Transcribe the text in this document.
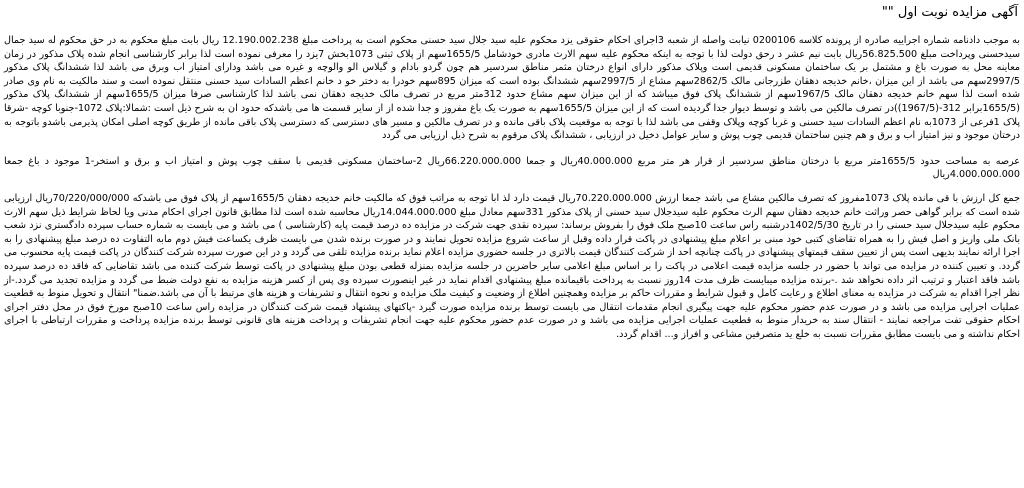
آگهی مزایده نوبت اول ""

به موجب دادنامه شماره اجراییه صادره از پرونده کلاسه 0200106 نیابت واصله از شعبه 3اجرای احکام حقوقی یزد محکوم علیه سید جلال سید حسنی محکوم است به پرداخت مبلغ 12.190.002.238 ریال بابت مبلغ محکوم به در حق محکوم له سید جمال سیدحسنی وپرداخت مبلغ 56.825.500ریال بابت نیم عشر د رحق دولت لذا با توجه به اینکه محکوم علیه سهم الارث مادری خودشامل 1655/5سهم از پلاک ثبتی 1073بخش 7یزد را معرفی نموده است لذا برابر کارشناسی انجام شده پلاک مذکور در زمان معاینه محل به صورت باغ و مشتمل بر یک ساختمان مسکونی قدیمی است وپلاک مذکور دارای انواع درختان مثمر مناطق سردسیر هم چون گردو بادام و گیلاس الو والوچه و غیره می باشد ودارای امتیاز اب وبرق می باشد لذا ششدانگ پلاک مذکور 2997/5سهم می باشد از این میزان ،خانم خدیجه دهقان طزرجانی مالک 2862/5سهم مشاع از 2997/5سهم ششدانگ بوده است که میزان 895سهم خودرا به دختر خو د خانم اعظم السادات سید حسنی منتقل نموده است و سند مالکیت به نام وی صادر شده است لذا سهم خانم خدیجه دهقان مالک 1967/5سهم از ششدانگ پلاک فوق میباشد که از این میزان سهم مشاع حدود 312متر مربع در تصرف مالک خدیجه دهقان نمی باشد لذا کارشناسی صرفا میزان 1655/5سهم از ششدانگ پلاک مذکور (1655/5برابر 312-(1967/5))در تصرف مالکین می باشد و توسط دیوار جدا گردیده است که از این میزان 1655/5سهم به صورت یک باغ مفروز و جدا شده از از سایر قسمت ها می باشدکه حدود ان به شرح ذیل است :شمالا:پلاک 1072-جنوبا کوچه -شرقا پلاک 1فرعی از 1073به نام اعظم السادات سید حسنی و غربا کوچه وپلاک وقفی می باشد لذا با توجه به موقعیت پلاک باقی مانده و در تصرف مالکین و مسیر های دسترسی که دسترسی پلاک باقی مانده از طریق کوچه اصلی امکان پذیرمی باشدو باتوجه به درختان موجود و نیز امتیاز اب و برق و هم چنین ساختمان قدیمی چوب پوش و سایر عوامل دخیل در ارزیابی ، ششدانگ پلاک مرقوم به شرح ذیل ارزیابی می گردد

عرصه به مساحت حدود 1655/5متر مربع با درختان مناطق سردسیر از قرار هر متر مربع 40.000.000ریال و جمعا 66.220.000.000ریال 2-ساختمان مسکونی قدیمی با سقف چوب پوش و امتیاز اب و برق و استخر-1 موجود د باغ جمعا 4.000.000.000ریال

جمع کل ارزش با قی مانده پلاک 1073مفروز که تصرف مالکین مشاع می باشد جمعا ارزش 70.220.000.000ریال قیمت دارد لذ ابا توجه به مراتب فوق که مالکیت خانم خدیجه دهقان 1655/5سهم از پلاک فوق می باشدکه 70/220/000/000ریال ارزیابی شده است که برابر گواهی حصر وراثت خانم خدیجه دهقان سهم الرث محکوم علیه سیدجلال سید حسنی از پلاک مذکور 331سهم معادل مبلغ 14.044.000.000ریال محاسبه شده است لذا مطابق قانون اجرای احکام مدنی ویا لحاظ شرایط ذیل سهم الارث محکوم علیه سیدجلال سید حسنی را در تاریخ 1402/5/30درشنبه راس ساعت 10صبح ملک فوق را بفروش برساند: سپرده نقدی جهت شرکت در مزایده ده درصد قیمت پایه (کارشناسی ) می باشد و می بایست به شماره حساب سپرده دادگستری نزد شعب بانک ملی واریز و اصل فیش را به همراه تقاضای کتبی خود مبنی بر اعلام مبلغ پیشنهادی در پاکت قرار داده وقبل از ساعت شروع مزایده تحویل نمایند و در صورت برنده شدن می بایست ظرف یکساعت فیش دوم مابه التفاوت ده درصد مبلغ پیشنهادی را به اجرا ارائه نمایند بدیهی است پس از تعیین سقف قیمتهای پیشنهادی در پاکت چنانچه احد از شرکت کنندگان قیمت بالاتری در جلسه حضوری مزایده اعلام نماید برنده مزایده تلقی می گردد و در این صورت سپرده شرکت کنندگان در پاکت قیمت پایه محسوب می گردد. و تعیین کننده در مزایده می تواند با حضور در جلسه مزایده قیمت اعلامی در پاکت را بر اساس مبلغ اعلامی سایر حاضرین در جلسه مزایده بمنزله قطعی بودن مبلغ پیشنهادی در پاکت توسط شرکت کننده می باشد تقاضایی که فاقد ده درصد سپرده باشد فاقد اعتبار و ترتیب اثر داده نخواهد شد .-برنده مزایده میبایست ظرف مدت 14روز نسبت به پرداخت باقیمانده مبلغ پیشنهادی اقدام نماید در غیر اینصورت سپرده وی پس از کسر هزینه مزایده به نفع دولت ضبط می گردد و مزایده تجدید می گردد.-از نظر اجرا اقدام به شرکت در مزایده به معنای اطلاع و رعایت کامل و قبول شرایط و مقررات حاکم بر مزایده وهمچنین اطلاع از وضعیت و کیفیت ملک مزایده و نحوه انتقال و تشریفات و هزینه های مرتبط با آن می باشد.ضمنا" انتقال و تحویل منوط به قطعیت عملیات اجرایی مزایده می باشد و در صورت عدم حضور محکوم علیه جهت پیگیری انجام مقدمات انتقال می بایست توسط برنده مزایده صورت گیرد -پاکتهای پیشنهاد قیمت شرکت کنندگان در مزایده راس ساعت 10صبح مورخ فوق در محل دفتر اجرای احکام حقوقی تفت مراجعه نمایند - انتقال سند به خریدار منوط به قطعیت عملیات اجرایی مزایده می باشد و در صورت عدم حضور محکوم علیه جهت انجام تشریفات و پرداخت هزینه های قانونی توسط برنده مزایده پرداخت و مقررات ارتباطی با اجرای احکام نداشته و می بایست مطابق مقررات نسبت به خلع ید متصرفین مشاعی و افراز و... اقدام گردد.
